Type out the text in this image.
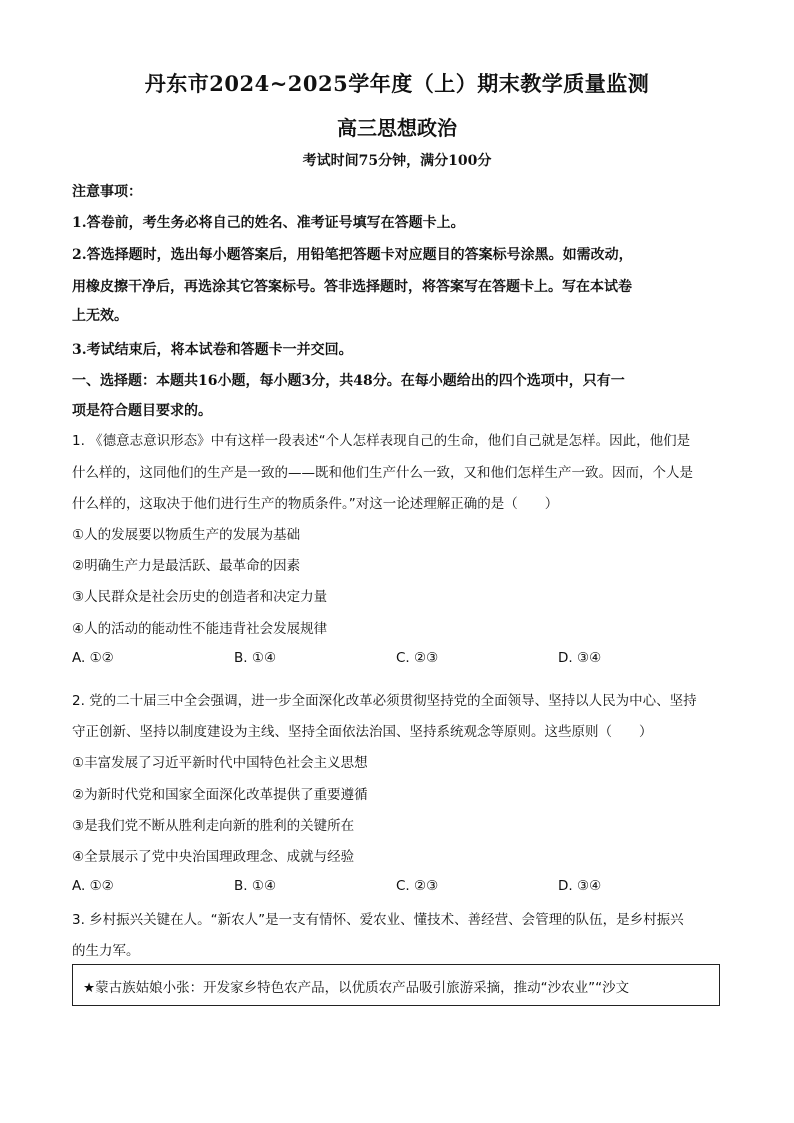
丹东市2024~2025学年度（上）期末教学质量监测
高三思想政治
考试时间75分钟，满分100分
注意事项：
1.答卷前，考生务必将自己的姓名、准考证号填写在答题卡上。
2.答选择题时，选出每小题答案后，用铅笔把答题卡对应题目的答案标号涂黑。如需改动，
用橡皮擦干净后，再选涂其它答案标号。答非选择题时，将答案写在答题卡上。写在本试卷
上无效。
3.考试结束后，将本试卷和答题卡一并交回。
一、选择题：本题共16小题，每小题3分，共48分。在每小题给出的四个选项中，只有一
项是符合题目要求的。
1. 《德意志意识形态》中有这样一段表述“个人怎样表现自己的生命，他们自己就是怎样。因此，他们是
什么样的，这同他们的生产是一致的——既和他们生产什么一致，又和他们怎样生产一致。因而，个人是
什么样的，这取决于他们进行生产的物质条件。”对这一论述理解正确的是（　　）
①人的发展要以物质生产的发展为基础
②明确生产力是最活跃、最革命的因素
③人民群众是社会历史的创造者和决定力量
④人的活动的能动性不能违背社会发展规律
A. ①②	B. ①④	C. ②③	D. ③④
2. 党的二十届三中全会强调，进一步全面深化改革必须贯彻坚持党的全面领导、坚持以人民为中心、坚持
守正创新、坚持以制度建设为主线、坚持全面依法治国、坚持系统观念等原则。这些原则（　　）
①丰富发展了习近平新时代中国特色社会主义思想
②为新时代党和国家全面深化改革提供了重要遵循
③是我们党不断从胜利走向新的胜利的关键所在
④全景展示了党中央治国理政理念、成就与经验
A. ①②	B. ①④	C. ②③	D. ③④
3. 乡村振兴关键在人。“新农人”是一支有情怀、爱农业、懂技术、善经营、会管理的队伍，是乡村振兴
的生力军。
★蒙古族姑娘小张：开发家乡特色农产品，以优质农产品吸引旅游采摘，推动“沙农业”“沙文
